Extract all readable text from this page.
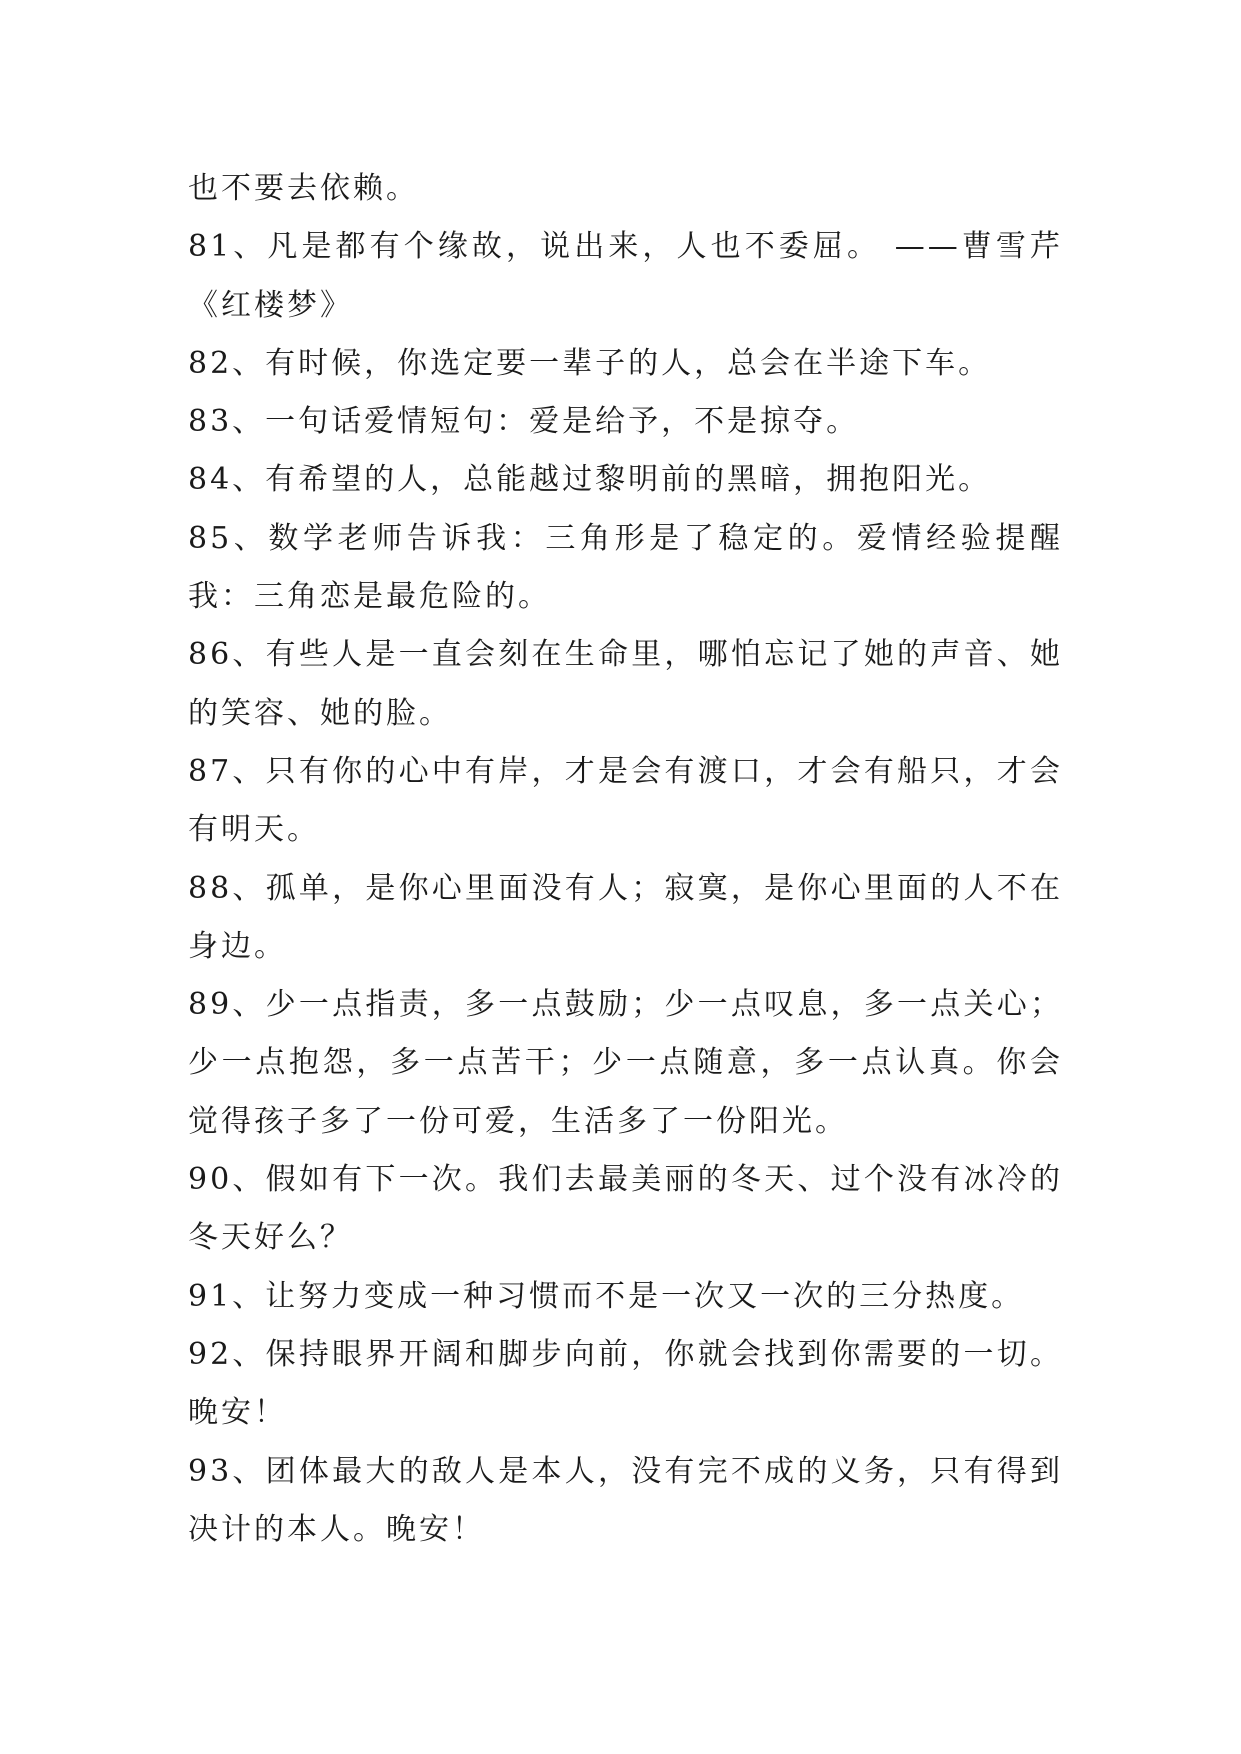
也不要去依赖。

81、凡是都有个缘故，说出来，人也不委屈。 ——曹雪芹《红楼梦》

82、有时候，你选定要一辈子的人，总会在半途下车。

83、一句话爱情短句：爱是给予，不是掠夺。

84、有希望的人，总能越过黎明前的黑暗，拥抱阳光。

85、数学老师告诉我：三角形是了稳定的。爱情经验提醒我：三角恋是最危险的。

86、有些人是一直会刻在生命里，哪怕忘记了她的声音、她的笑容、她的脸。

87、只有你的心中有岸，才是会有渡口，才会有船只，才会有明天。

88、孤单，是你心里面没有人；寂寞，是你心里面的人不在身边。

89、少一点指责，多一点鼓励；少一点叹息，多一点关心；少一点抱怨，多一点苦干；少一点随意，多一点认真。你会觉得孩子多了一份可爱，生活多了一份阳光。

90、假如有下一次。我们去最美丽的冬天、过个没有冰冷的冬天好么？

91、让努力变成一种习惯而不是一次又一次的三分热度。

92、保持眼界开阔和脚步向前，你就会找到你需要的一切。晚安！

93、团体最大的敌人是本人，没有完不成的义务，只有得到决计的本人。晚安！
